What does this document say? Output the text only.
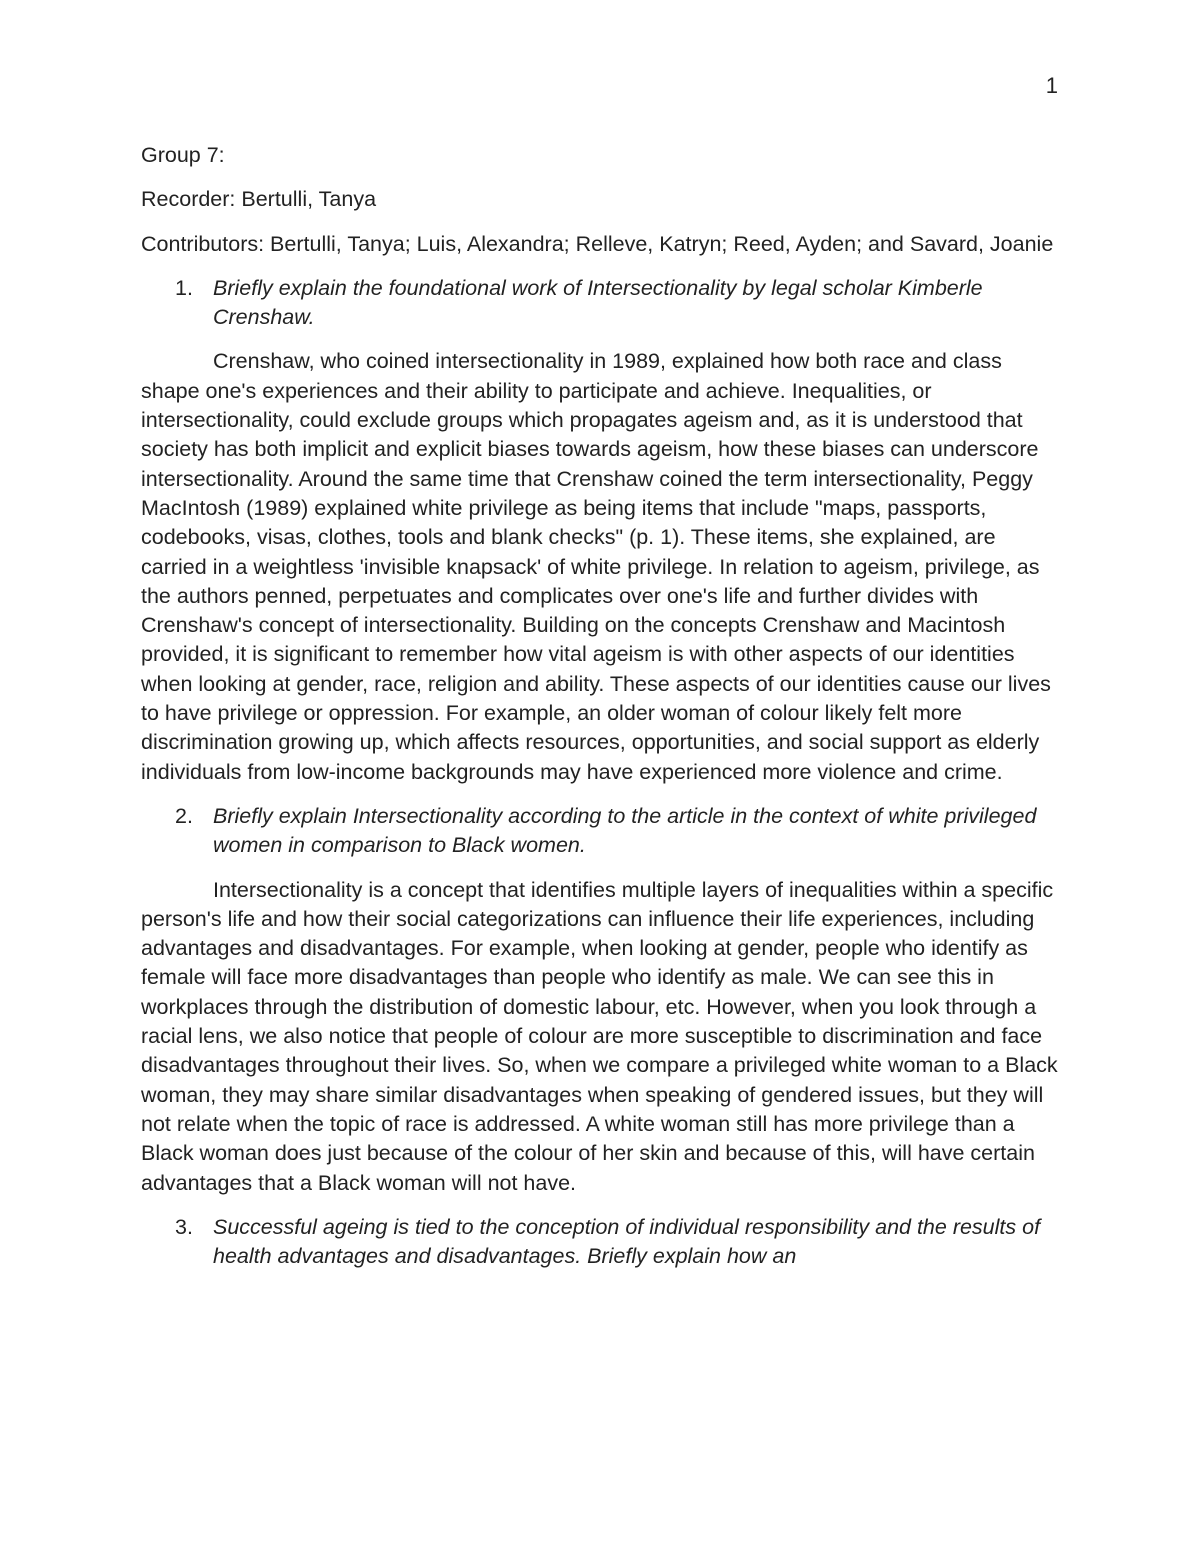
1

Group 7:

Recorder: Bertulli, Tanya

Contributors: Bertulli, Tanya; Luis, Alexandra; Relleve, Katryn; Reed, Ayden; and Savard, Joanie

1. Briefly explain the foundational work of Intersectionality by legal scholar Kimberle Crenshaw.

Crenshaw, who coined intersectionality in 1989, explained how both race and class shape one's experiences and their ability to participate and achieve. Inequalities, or intersectionality, could exclude groups which propagates ageism and, as it is understood that society has both implicit and explicit biases towards ageism, how these biases can underscore intersectionality. Around the same time that Crenshaw coined the term intersectionality, Peggy MacIntosh (1989) explained white privilege as being items that include "maps, passports, codebooks, visas, clothes, tools and blank checks" (p. 1). These items, she explained, are carried in a weightless 'invisible knapsack' of white privilege. In relation to ageism, privilege, as the authors penned, perpetuates and complicates over one's life and further divides with Crenshaw's concept of intersectionality. Building on the concepts Crenshaw and Macintosh provided, it is significant to remember how vital ageism is with other aspects of our identities when looking at gender, race, religion and ability. These aspects of our identities cause our lives to have privilege or oppression. For example, an older woman of colour likely felt more discrimination growing up, which affects resources, opportunities, and social support as elderly individuals from low-income backgrounds may have experienced more violence and crime.

2. Briefly explain Intersectionality according to the article in the context of white privileged women in comparison to Black women.

Intersectionality is a concept that identifies multiple layers of inequalities within a specific person's life and how their social categorizations can influence their life experiences, including advantages and disadvantages. For example, when looking at gender, people who identify as female will face more disadvantages than people who identify as male. We can see this in workplaces through the distribution of domestic labour, etc. However, when you look through a racial lens, we also notice that people of colour are more susceptible to discrimination and face disadvantages throughout their lives. So, when we compare a privileged white woman to a Black woman, they may share similar disadvantages when speaking of gendered issues, but they will not relate when the topic of race is addressed. A white woman still has more privilege than a Black woman does just because of the colour of her skin and because of this, will have certain advantages that a Black woman will not have.

3. Successful ageing is tied to the conception of individual responsibility and the results of health advantages and disadvantages. Briefly explain how an
